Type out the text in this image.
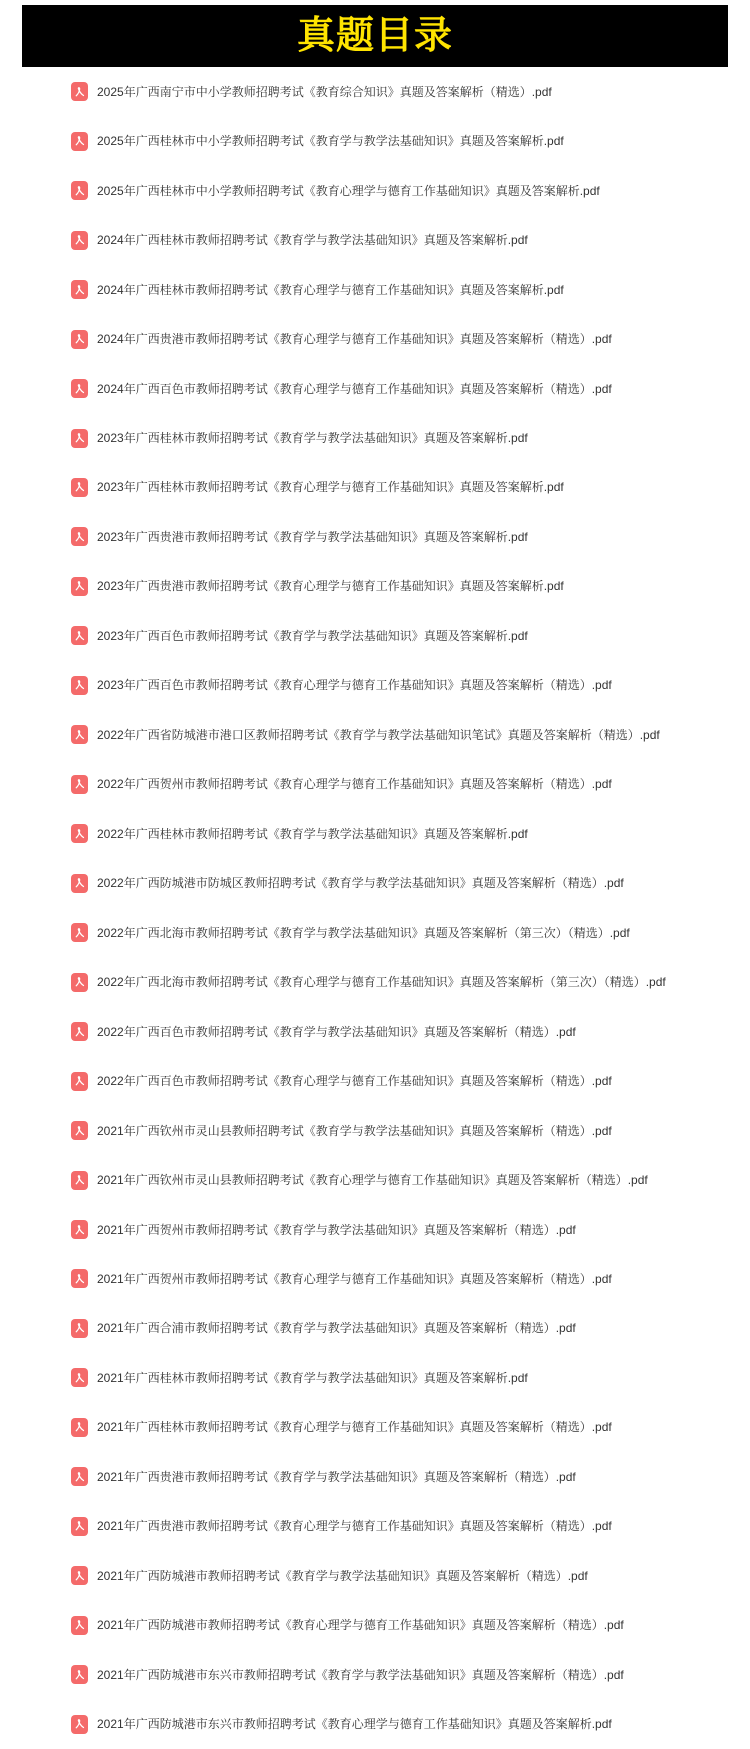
真题目录
2025年广西南宁市中小学教师招聘考试《教育综合知识》真题及答案解析（精选）.pdf
2025年广西桂林市中小学教师招聘考试《教育学与教学法基础知识》真题及答案解析.pdf
2025年广西桂林市中小学教师招聘考试《教育心理学与德育工作基础知识》真题及答案解析.pdf
2024年广西桂林市教师招聘考试《教育学与教学法基础知识》真题及答案解析.pdf
2024年广西桂林市教师招聘考试《教育心理学与德育工作基础知识》真题及答案解析.pdf
2024年广西贵港市教师招聘考试《教育心理学与德育工作基础知识》真题及答案解析（精选）.pdf
2024年广西百色市教师招聘考试《教育心理学与德育工作基础知识》真题及答案解析（精选）.pdf
2023年广西桂林市教师招聘考试《教育学与教学法基础知识》真题及答案解析.pdf
2023年广西桂林市教师招聘考试《教育心理学与德育工作基础知识》真题及答案解析.pdf
2023年广西贵港市教师招聘考试《教育学与教学法基础知识》真题及答案解析.pdf
2023年广西贵港市教师招聘考试《教育心理学与德育工作基础知识》真题及答案解析.pdf
2023年广西百色市教师招聘考试《教育学与教学法基础知识》真题及答案解析.pdf
2023年广西百色市教师招聘考试《教育心理学与德育工作基础知识》真题及答案解析（精选）.pdf
2022年广西省防城港市港口区教师招聘考试《教育学与教学法基础知识笔试》真题及答案解析（精选）.pdf
2022年广西贺州市教师招聘考试《教育心理学与德育工作基础知识》真题及答案解析（精选）.pdf
2022年广西桂林市教师招聘考试《教育学与教学法基础知识》真题及答案解析.pdf
2022年广西防城港市防城区教师招聘考试《教育学与教学法基础知识》真题及答案解析（精选）.pdf
2022年广西北海市教师招聘考试《教育学与教学法基础知识》真题及答案解析（第三次）（精选）.pdf
2022年广西北海市教师招聘考试《教育心理学与德育工作基础知识》真题及答案解析（第三次）（精选）.pdf
2022年广西百色市教师招聘考试《教育学与教学法基础知识》真题及答案解析（精选）.pdf
2022年广西百色市教师招聘考试《教育心理学与德育工作基础知识》真题及答案解析（精选）.pdf
2021年广西钦州市灵山县教师招聘考试《教育学与教学法基础知识》真题及答案解析（精选）.pdf
2021年广西钦州市灵山县教师招聘考试《教育心理学与德育工作基础知识》真题及答案解析（精选）.pdf
2021年广西贺州市教师招聘考试《教育学与教学法基础知识》真题及答案解析（精选）.pdf
2021年广西贺州市教师招聘考试《教育心理学与德育工作基础知识》真题及答案解析（精选）.pdf
2021年广西合浦市教师招聘考试《教育学与教学法基础知识》真题及答案解析（精选）.pdf
2021年广西桂林市教师招聘考试《教育学与教学法基础知识》真题及答案解析.pdf
2021年广西桂林市教师招聘考试《教育心理学与德育工作基础知识》真题及答案解析（精选）.pdf
2021年广西贵港市教师招聘考试《教育学与教学法基础知识》真题及答案解析（精选）.pdf
2021年广西贵港市教师招聘考试《教育心理学与德育工作基础知识》真题及答案解析（精选）.pdf
2021年广西防城港市教师招聘考试《教育学与教学法基础知识》真题及答案解析（精选）.pdf
2021年广西防城港市教师招聘考试《教育心理学与德育工作基础知识》真题及答案解析（精选）.pdf
2021年广西防城港市东兴市教师招聘考试《教育学与教学法基础知识》真题及答案解析（精选）.pdf
2021年广西防城港市东兴市教师招聘考试《教育心理学与德育工作基础知识》真题及答案解析.pdf
